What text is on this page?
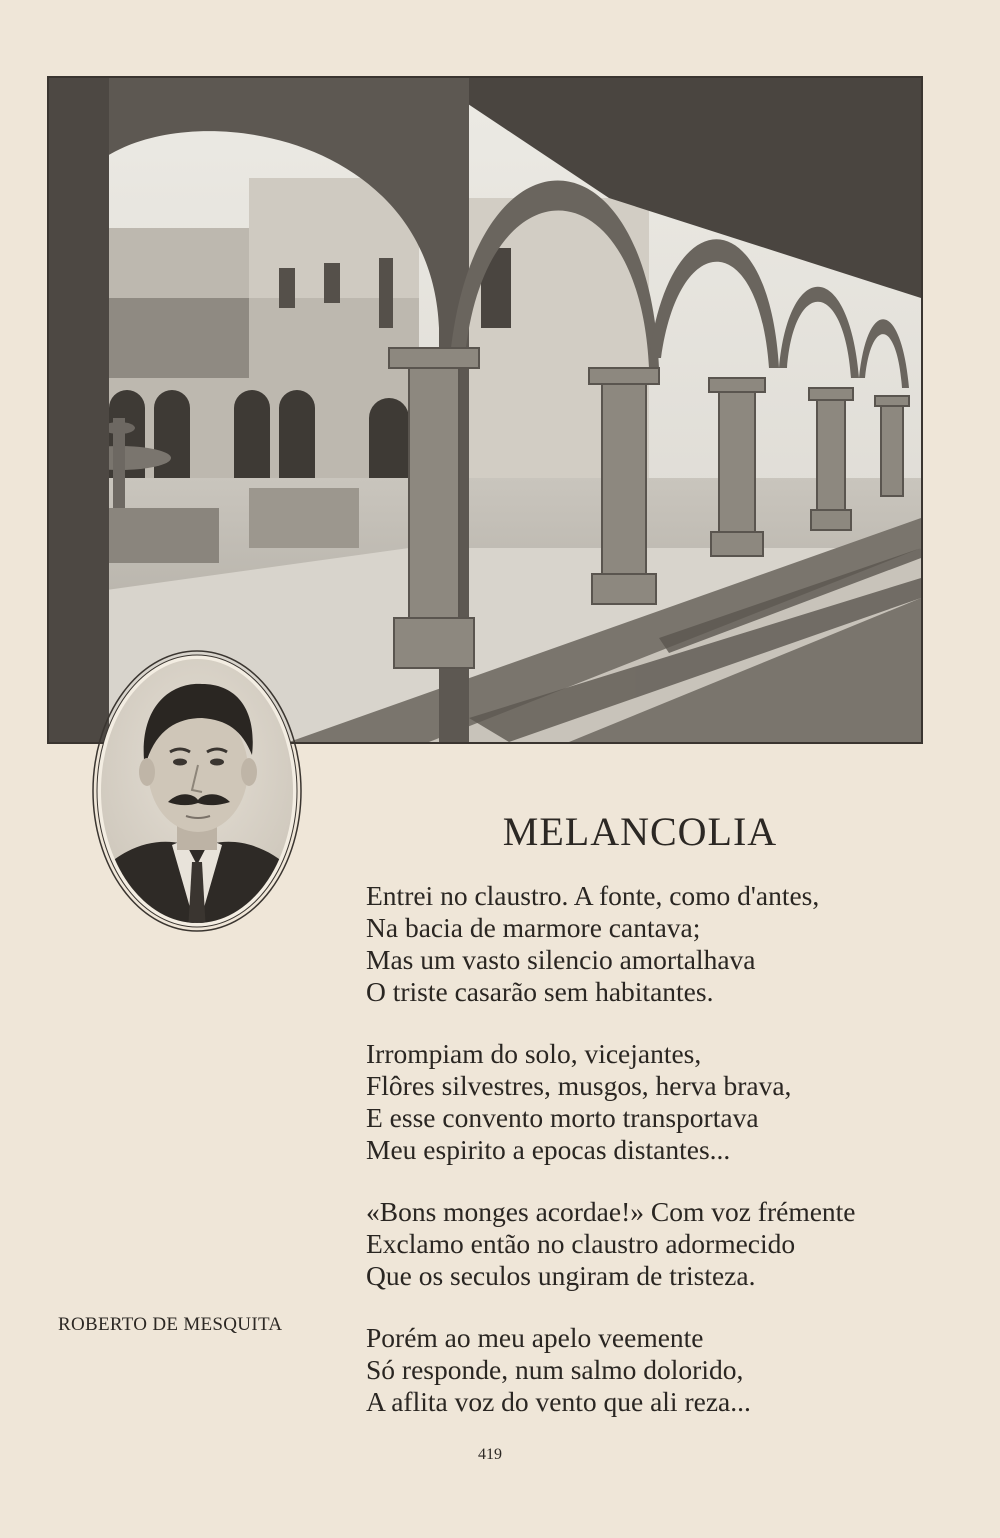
MELANCOLIA
Entrei no claustro. A fonte, como d'antes,
Na bacia de marmore cantava;
Mas um vasto silencio amortalhava
O triste casarão sem habitantes.
Irrompiam do solo, vicejantes,
Flôres silvestres, musgos, herva brava,
E esse convento morto transportava
Meu espirito a epocas distantes...
«Bons monges acordae!» Com voz frémente
Exclamo então no claustro adormecido
Que os seculos ungiram de tristeza.
Porém ao meu apelo veemente
Só responde, num salmo dolorido,
A aflita voz do vento que ali reza...
ROBERTO DE MESQUITA
419
